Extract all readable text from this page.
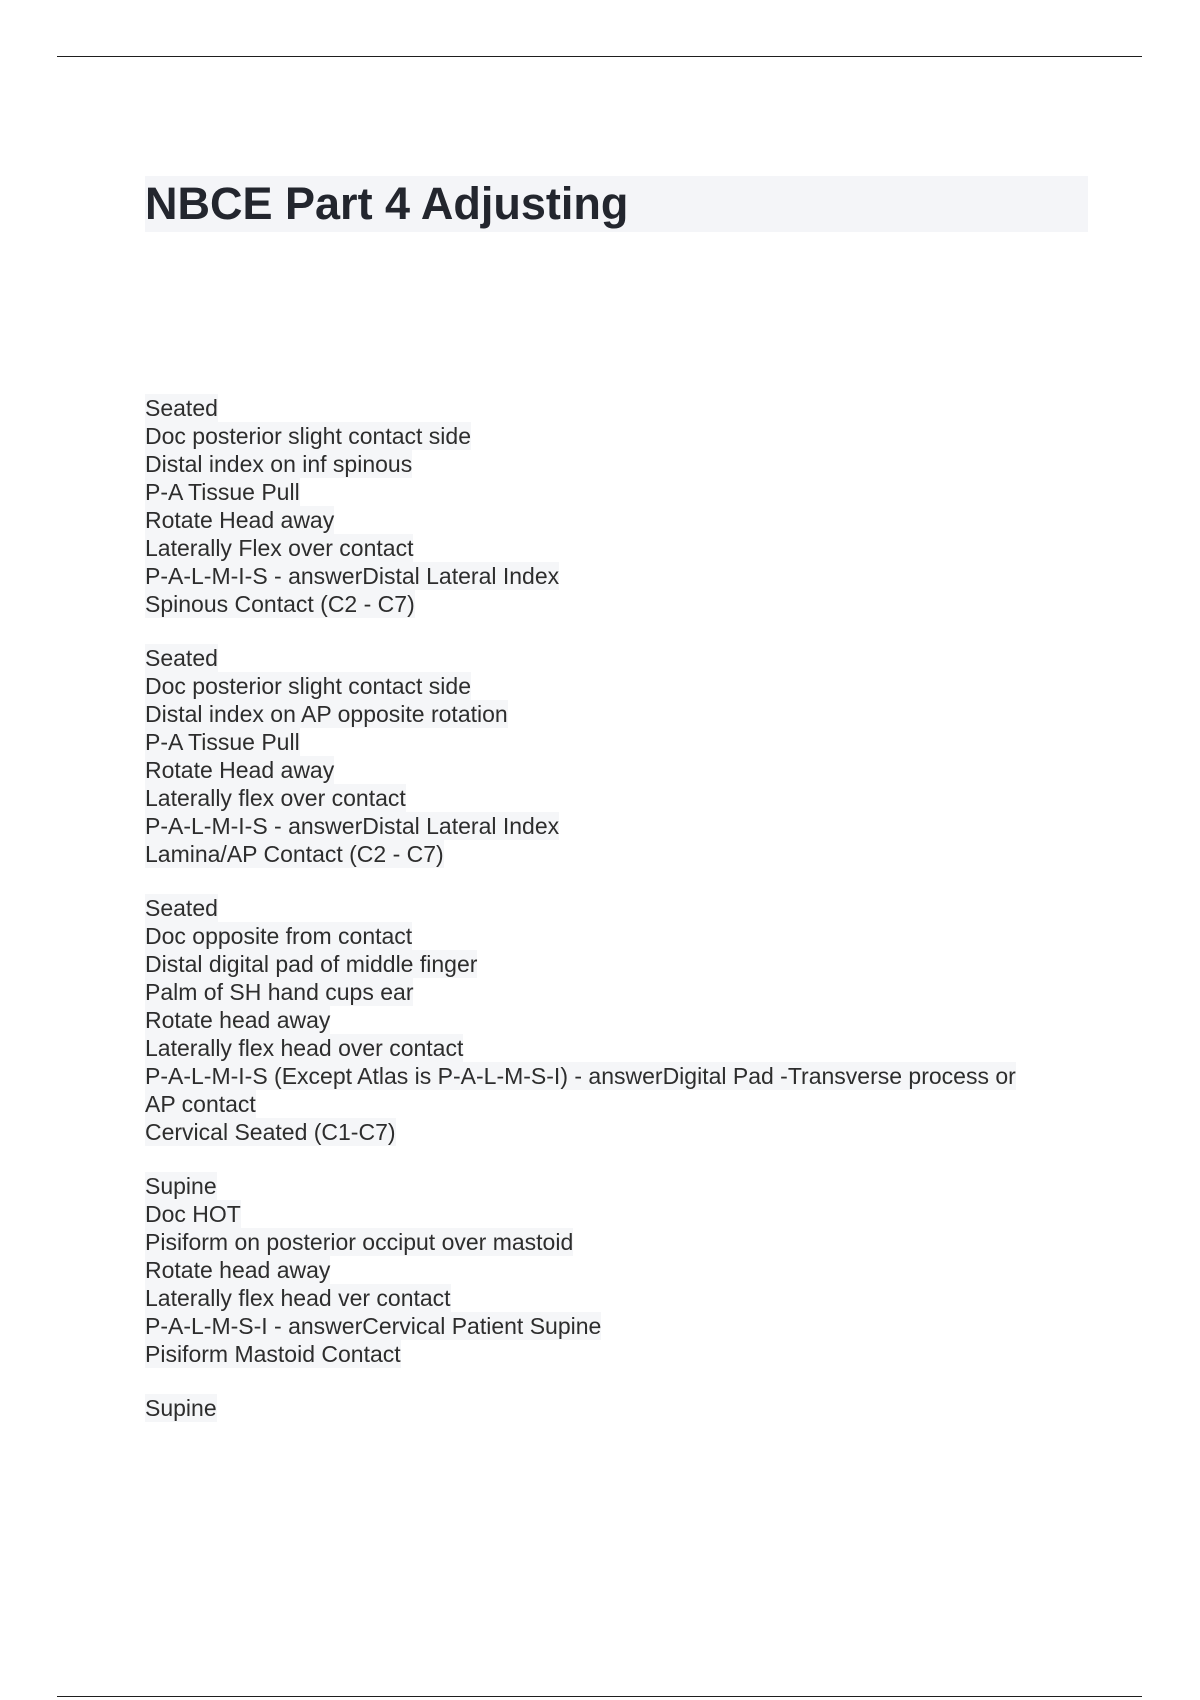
NBCE Part 4 Adjusting
Seated
Doc posterior slight contact side
Distal index on inf spinous
P-A Tissue Pull
Rotate Head away
Laterally Flex over contact
P-A-L-M-I-S - answerDistal Lateral Index
Spinous Contact (C2 - C7)
Seated
Doc posterior slight contact side
Distal index on AP opposite rotation
P-A Tissue Pull
Rotate Head away
Laterally flex over contact
P-A-L-M-I-S - answerDistal Lateral Index
Lamina/AP Contact (C2 - C7)
Seated
Doc opposite from contact
Distal digital pad of middle finger
Palm of SH hand cups ear
Rotate head away
Laterally flex head over contact
P-A-L-M-I-S (Except Atlas is P-A-L-M-S-I) - answerDigital Pad -Transverse process or
AP contact
Cervical Seated (C1-C7)
Supine
Doc HOT
Pisiform on posterior occiput over mastoid
Rotate head away
Laterally flex head ver contact
P-A-L-M-S-I - answerCervical Patient Supine
Pisiform Mastoid Contact
Supine
